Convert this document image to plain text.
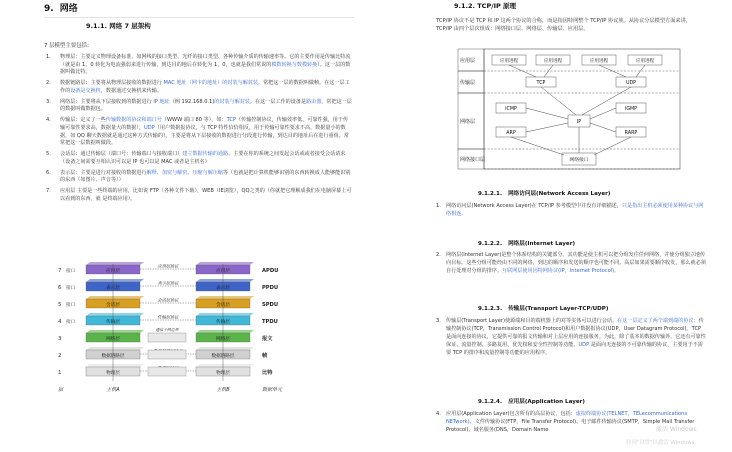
9. 网络
9.1.1. 网络 7 层架构
7 层模型主要包括：
1.	物理层：主要定义物理设备标准，如网线的接口类型、光纤的接口类型、各种传输介质的传输速率等。它的主要作用是传输比特流（就是由 1、0 转化为电流强弱来进行传输，到达目的地后在转化为 1、0，也就是我们常说的模数转换与数模转换）。这一层的数据叫做比特。
2.	数据链路层：主要将从物理层接收的数据进行 MAC 地址（网卡的地址）的封装与解封装。常把这一层的数据叫做帧。在这一层工作的设备是交换机，数据通过交换机来传输。
3.	网络层：主要将从下层接收到的数据进行 IP 地址（例 192.168.0.1)的封装与解封装。在这一层工作的设备是路由器，常把这一层的数据叫做数据包。
4.	传输层：定义了一些传输数据的协议和端口号（WWW 端口 80 等），如：TCP（传输控制协议，传输效率低，可靠性强，用于传输可靠性要求高，数据量大的数据），UDP（用户数据报协议，与 TCP 特性恰恰相反，用于传输可靠性要求不高，数据量小的数据，如 QQ 聊天数据就是通过这种方式传输的）。主要是将从下层接收的数据进行分段进行传输，到达目的地址后在进行重组。常常把这一层数据叫做段。
5.	会话层：通过传输层（端口号：传输端口与接收端口）建立数据传输的通路。主要在你的系统之间发起会话或或者接受会话请求（设备之间需要互相认识可以是 IP 也可以是 MAC 或者是主机名）
6.	表示层：主要是进行对接收的数据进行解释、加密与解密、压缩与解压缩等（也就是把计算机能够识别的东西转换成人能够能识别的东西（如图片、声音等））
7.	应用层 主要是一些终端的应用，比如说 FTP（各种文件下载），WEB（IE浏览），QQ之类的（你就把它理解成我们在电脑屏幕上可以看到的东西，就 是终端应用）。
7 接口	应用层	应用层
应用层协议
APDU
6 接口	表示层	表示层
表示层协议
PPDU
5 接口	会话层	会话层
会话层协议
SPDU
4 接口	传输层	传输层
传输层协议
TPDU
3	网络层	网络层	报文
2	数据链路层	数据链路层	帧
1	物理层	物理层	比特
通信子网边界
层	主机A	主机B	数据单元
9.1.2. TCP/IP 原理
TCP/IP 协议不是 TCP 和 IP 这两个协议的合称，而是指因特网整个 TCP/IP 协议族。从协议分层模型方面来讲，TCP/IP 由四个层次组成：网络接口层、网络层、传输层、应用层。
应用层
传输层
网络层
网络接口层
应用进程	应用进程	应用进程	应用进程
TCP	UDP
ICMP	IGMP
IP
ARP	RARP
网络接口
9.1.2.1. 网络访问层(Network Access Layer)
1. 网络访问层(Network Access Layer)在 TCP/IP 参考模型中并没有详细描述，只是指出主机必须使用某种协议与网络相连。
9.1.2.2. 网络层(Internet Layer)
2. 网络层(Internet Layer)是整个体系结构的关键部分，其功能是使主机可以把分组发往任何网络，并使分组独立地传向目标。这些分组可能经由不同的网络，到达的顺序和发送的顺序也可能不同。高层如果需要顺序收发，那么就必须自行处理对分组的排序。互联网层使用因特网协议(IP，Internet Protocol)。
9.1.2.3. 传输层(Transport Layer-TCP/UDP)
3. 传输层(Transport Layer)使源端和目的端机器上的对等实体可以进行会话。在这一层定义了两个端到端的协议：传输控制协议(TCP，Transmission Control Protocol)和用户数据报协议(UDP，User Datagram Protocol)。TCP 是面向连接的协议，它提供可靠的报文传输和对上层应用的连接服务。为此，除了基本的数据传输外，它还有可靠性保证、流量控制、多路复用、优先权和安全性控制等功能。UDP 是面向无连接的不可靠传输的协议，主要用于不需要 TCP 的排序和流量控制等功能的应用程序。
9.1.2.4. 应用层(Application Layer)
4. 应用层(Application Layer)包含所有的高层协议，包括：虚拟终端协议(TELNET，TELecommunications NETwork)、文件传输协议(FTP，File Transfer Protocol)、电子邮件传输协议(SMTP，Simple Mail Transfer Protocol)、域名服务(DNS，Domain Name	激活 Windows
转到"设置"以激活 Windows
